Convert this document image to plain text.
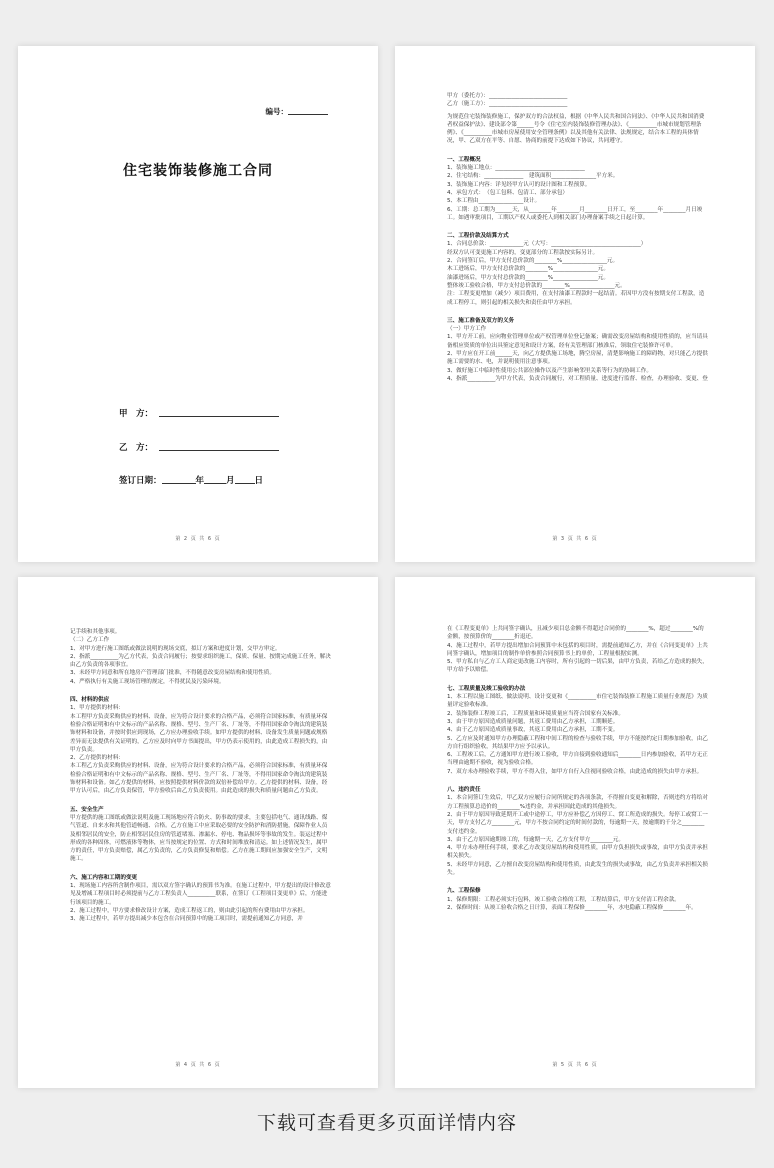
编号：
住宅装饰装修施工合同
甲　方：
乙　方：
签订日期：	年	月 日
第 2 页 共 6 页

甲方（委托方）：____________________________

乙方（施工方）：____________________________

为规范住宅装饰装修施工，保护双方的合法权益，根据《中华人民共和国合同法》、《中华人民共和国消费者权益保护法》、建设部令第______号令《住宅室内装饰装修管理办法》、《__________市城市规划管理条例》、《__________市城市房屋使用安全管理条例》以及其他有关法律、法规规定，结合本工程的具体情况，甲、乙双方在平等、自愿、协商的前提下达成如下协议，共同遵守。

一、工程概况

1、装饰施工地点：________________________________

2、住宅结构：______________　建筑面积________________平方米。

3、装饰施工内容：详见经甲方认可的设计图和工程预算。

4、承包方式：　（包工包料、包清工、部分承包）

5、本工程由________________设计。

6、工期：总工期为______天，从________年________月________日开工，至________年________月日竣工。如遇审批项目，工期以产权人或委托人到相关部门办理备案手续之日起计算。

二、工程价款及结算方式

1、合同总价款：____________元（大写：________________________________）

经双方认可变更施工内容的，变更部分的工程款按实际另计。

2、合同签订后，甲方支付总价款的________%________________元。

木工进场后，甲方支付总价款的________%________________元。

油漆进场后，甲方支付总价款的________%________________元。

整体竣工验收合格，甲方支付总价款的________%________________元。

注：工程变更增加（减少）项目费用，在支付油漆工程款时一起结清。若因甲方没有按期支付工程款，造成工程停工，则引起的相关损失和责任由甲方承担。

三、施工准备及双方的义务

（一）甲方工作

1、甲方开工前，应向物业管理单位或产权管理单位登记备案；确需改变房屋结构和使用性质的，应当请具备相应资质的单位出具鉴定意见和设计方案，经有关管理部门核准后，领取住宅装修许可单。

2、甲方应在开工前______天，向乙方提供施工场地，腾空房屋，清楚影响施工的障碍物，对只能乙方提供施工需要的水、电，并说明使用注意事项。

3、做好施工中临时性使用公共部位操作以及产生影响邻里关系等行为的协调工作。

4、指派__________为甲方代表，负责合同履行，对工程质量、进度进行监督、检查，办理验收、变更、登

第 3 页 共 6 页

记手续和其他事项。

（二）乙方工作

1、对甲方进行施工图纸或做法说明的现场交底，拟订方案和进度计划，交甲方审定。

2、指派__________为乙方代表，负责合同履行；按要求组织施工，保质、保量、按期完成施工任务，解决由乙方负责的各项事宜。

3、未经甲方同意和所在地房产管理部门批准，不得随意改变房屋结构和使用性质。

4、严格执行有关施工现场管理的规定，不得扰民及污染环境。

四、材料的供应

1、甲方提供的材料：

本工程甲方负责采购供应的材料、设备，应为符合设计要求的合格产品，必须符合国家标准，有质量环保检验合格证明和有中文标示的产品名称、规格、型号、生产厂名、厂址等，不得用国家命令淘汰的建筑装饰材料和设备，并按时供应到现场，乙方应办理验收手续。如甲方提供的材料、设备发生质量问题或规格差异而无法提供有关证明的，乙方应及时向甲方书面提出，甲方仍表示使用的，由此造成工程损失的，由甲方负责。

2、乙方提供的材料：

本工程乙方负责采购供应的材料、设备，应为符合设计要求的合格产品，必须符合国家标准，有质量环保检验合格证明和有中文标示的产品名称、规格、型号、生产厂名、厂址等，不得用国家命令淘汰的建筑装饰材料和设备。如乙方提供的材料，应按照提供材料价款的双倍补偿给甲方。乙方提供的材料、设备，经甲方认可后，由乙方负责保管，甲方验收后由乙方负责使用。由此造成的损失和质量问题由乙方负责。

五、安全生产

甲方提供的施工图纸或做法说明及施工现场地应符合防火、防事故的要求，主要包括电气、通讯线路、煤气管道、自来水和其他管道畅通、合格。乙方在施工中应采取必要的安全防护和消防措施，保障作业人员及相邻居民的安全，防止相邻居民住房的管道堵塞、渗漏水、停电、物品损坏等事故的发生。装运过程中形成的各种固体，可燃液体等物体，应当按规定的位置、方式和时间堆放和清运。如上述情况发生，属甲方的责任，甲方负责赔偿，属乙方负责的，乙方负责修复和赔偿。乙方在施工期间应加强安全生产，文明施工。

六、施工内容和工期的变更

1、现场施工内容所含制作项目，需以双方签字确认的预算书为准。在施工过程中，甲方提出的设计修改意见及增减工程项目时必须提前与乙方工程负责人__________联系，在签订《工程项目变更单》后，方能进行该项目的施工。

2、施工过程中，甲方要求修改设计方案，造成工程返工的，则由此引起的所有费用由甲方承担。

3、施工过程中，若甲方提出减少本包含在合同预算中的施工项目时，需提前通知乙方同意，并

第 4 页 共 6 页

在《工程变更单》上共同签字确认，且减少项目总金额不得超过合同价的________%，超过________%的金额，按预算价的________折退还。

4、施工过程中，若甲方提出增加合同预算中未包括的项目时，需提前通知乙方，并在《合同变更单》上共同签字确认，增加项目的制作单价参照合同预算书上的单价，工程量根据实测。

5、甲方私自与乙方工人商定更改施工内容时，所有引起的一切后果，由甲方负责，若给乙方造成的损失，甲方给予以赔偿。

七、工程质量及竣工验收的办法

1、本工程以施工图纸、做法说明、设计变更和《__________市住宅装饰装修工程施工质量行业规范》为质量评定验收标准。

2、装饰装修工程竣工后，工程质量和环境质量应当符合国家有关标准。

3、由于甲方原因造成质量问题，其返工费用由乙方承担，工期顺延。

4、由于乙方原因造成质量事故，其返工费用由乙方承担，工期不变。

5、乙方应及时通知甲方办理隐蔽工程和中间工程的检查与验收手续，甲方不能按约定日期参加验收，由乙方自行组织验收，其结果甲方应予以承认。

6、工程竣工后，乙方通知甲方进行竣工验收，甲方自接到验收通知后________日内参加验收，若甲方无正当理由逾期不验收，视为验收合格。

7、双方未办理验收手续，甲方不得入住，如甲方自行入住视同验收合格，由此造成的损失由甲方承担。

八、违约责任

1、本合同签订生效后，甲乙双方应履行合同所规定的各项条款，不得擅自变更和解除，否则违约方将给对方工程预算总造价的________%违约金，并承担因此造成的其他损失。

2、由于甲方原因导致延期开工或中途停工，甲方应补偿乙方因停工、窝工所造成的损失。每停工或窝工一天，甲方支付乙方________元，甲方不按合同约定的时间付款的，每逾期一天，按逾期的千分之________支付违约金。

3、由于乙方原因逾期竣工的，每逾期一天，乙方支付甲方________元。

4、甲方未办理任何手续，要求乙方改变房屋结构和使用性质，由甲方负担损失或事故，由甲方负责并承担相关损失。

5、未经甲方同意，乙方擅自改变房屋结构和使用性质，由此发生的损失或事故，由乙方负责并承担相关损失。

九、工程保修

1、保修期限：工程必须实行包料，竣工验收合格的工程，工程结算后，甲方支付清工程余款。

2、保修时间：从竣工验收合格之日计算，表面工程保修________年，水电隐蔽工程保修________年。

第 5 页 共 6 页
下载可查看更多页面详情内容
